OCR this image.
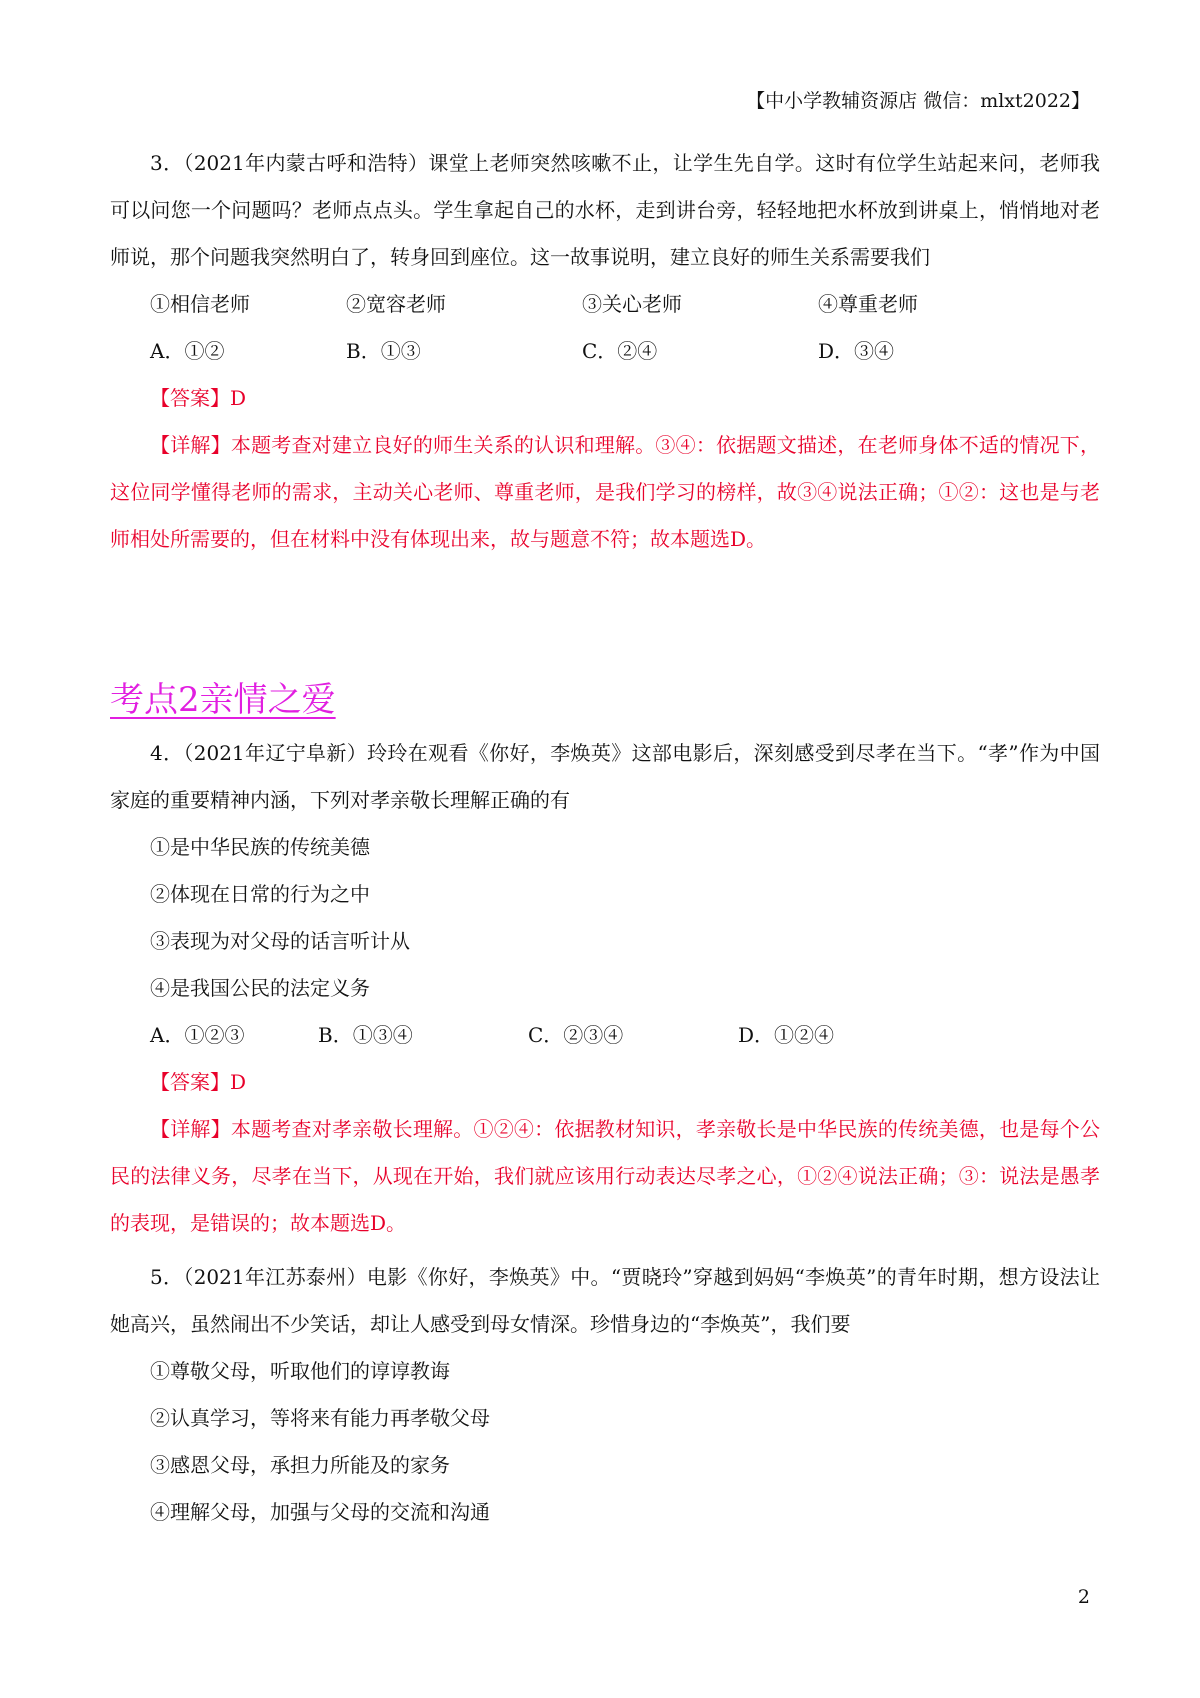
【中小学教辅资源店 微信：mlxt2022】

3．（2021年内蒙古呼和浩特）课堂上老师突然咳嗽不止，让学生先自学。这时有位学生站起来问，老师我可以问您一个问题吗？老师点点头。学生拿起自己的水杯，走到讲台旁，轻轻地把水杯放到讲桌上，悄悄地对老师说，那个问题我突然明白了，转身回到座位。这一故事说明，建立良好的师生关系需要我们

①相信老师	②宽容老师	③关心老师	④尊重老师
A．①②	B．①③	C．②④	D．③④

【答案】D

【详解】本题考查对建立良好的师生关系的认识和理解。③④：依据题文描述，在老师身体不适的情况下，这位同学懂得老师的需求，主动关心老师、尊重老师，是我们学习的榜样，故③④说法正确；①②：这也是与老师相处所需要的，但在材料中没有体现出来，故与题意不符；故本题选D。

考点2亲情之爱

4．（2021年辽宁阜新）玲玲在观看《你好，李焕英》这部电影后，深刻感受到尽孝在当下。“孝”作为中国家庭的重要精神内涵，下列对孝亲敬长理解正确的有

①是中华民族的传统美德

②体现在日常的行为之中

③表现为对父母的话言听计从

④是我国公民的法定义务

A．①②③	B．①③④	C．②③④	D．①②④

【答案】D

【详解】本题考查对孝亲敬长理解。①②④：依据教材知识，孝亲敬长是中华民族的传统美德，也是每个公民的法律义务，尽孝在当下，从现在开始，我们就应该用行动表达尽孝之心，①②④说法正确；③：说法是愚孝的表现，是错误的；故本题选D。

5．（2021年江苏泰州）电影《你好，李焕英》中。“贾晓玲”穿越到妈妈“李焕英”的青年时期，想方设法让她高兴，虽然闹出不少笑话，却让人感受到母女情深。珍惜身边的“李焕英”，我们要

①尊敬父母，听取他们的谆谆教诲

②认真学习，等将来有能力再孝敬父母

③感恩父母，承担力所能及的家务

④理解父母，加强与父母的交流和沟通

2
